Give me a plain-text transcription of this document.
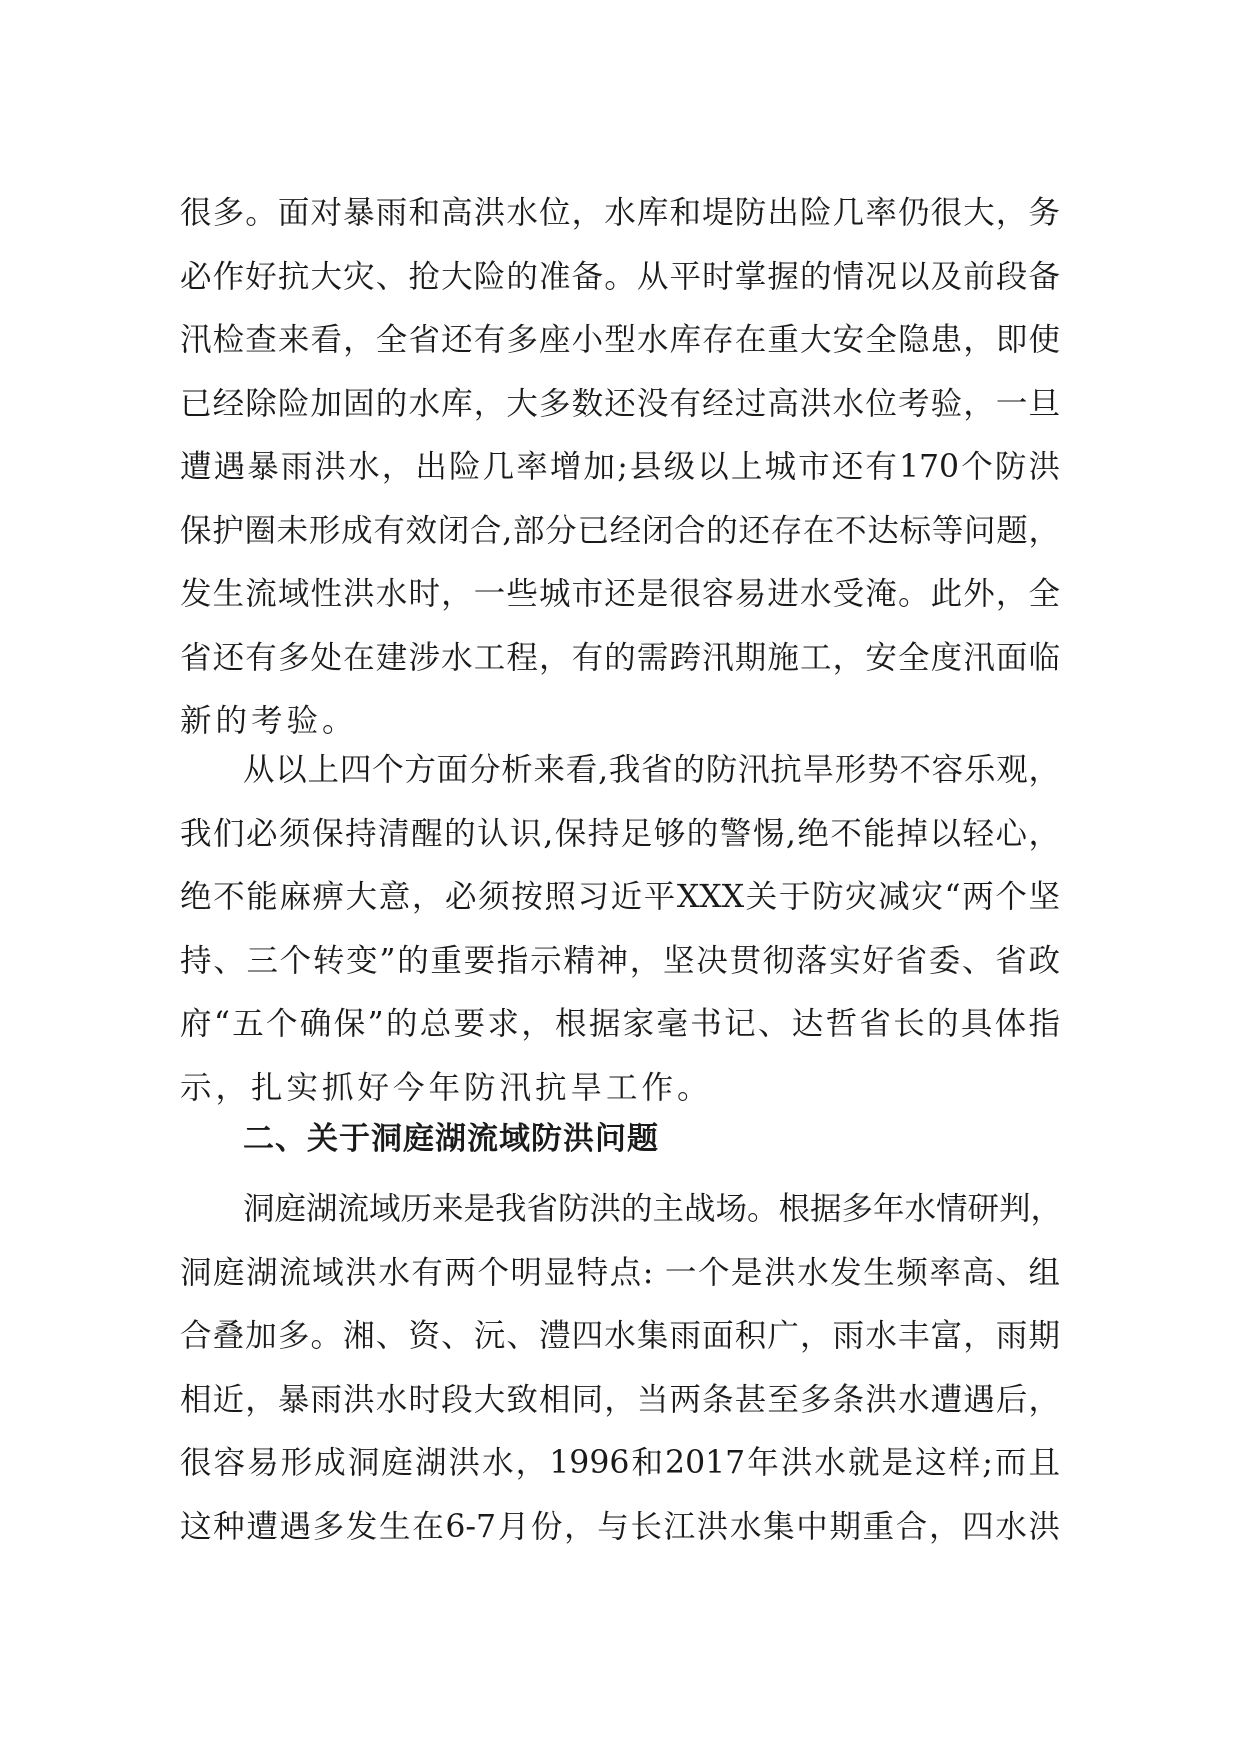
很多。面对暴雨和高洪水位，水库和堤防出险几率仍很大，务
必作好抗大灾、抢大险的准备。从平时掌握的情况以及前段备
汛检查来看，全省还有多座小型水库存在重大安全隐患，即使
已经除险加固的水库，大多数还没有经过高洪水位考验，一旦
遭遇暴雨洪水，出险几率增加;县级以上城市还有170个防洪
保护圈未形成有效闭合,部分已经闭合的还存在不达标等问题，
发生流域性洪水时，一些城市还是很容易进水受淹。此外，全
省还有多处在建涉水工程，有的需跨汛期施工，安全度汛面临
新的考验。
从以上四个方面分析来看,我省的防汛抗旱形势不容乐观，
我们必须保持清醒的认识,保持足够的警惕,绝不能掉以轻心，
绝不能麻痹大意，必须按照习近平XXX关于防灾减灾“两个坚
持、三个转变”的重要指示精神，坚决贯彻落实好省委、省政
府“五个确保”的总要求，根据家毫书记、达哲省长的具体指
示，扎实抓好今年防汛抗旱工作。
二、关于洞庭湖流域防洪问题
洞庭湖流域历来是我省防洪的主战场。根据多年水情研判，
洞庭湖流域洪水有两个明显特点: 一个是洪水发生频率高、组
合叠加多。湘、资、沅、澧四水集雨面积广，雨水丰富，雨期
相近，暴雨洪水时段大致相同，当两条甚至多条洪水遭遇后，
很容易形成洞庭湖洪水，1996和2017年洪水就是这样;而且
这种遭遇多发生在6-7月份，与长江洪水集中期重合，四水洪
